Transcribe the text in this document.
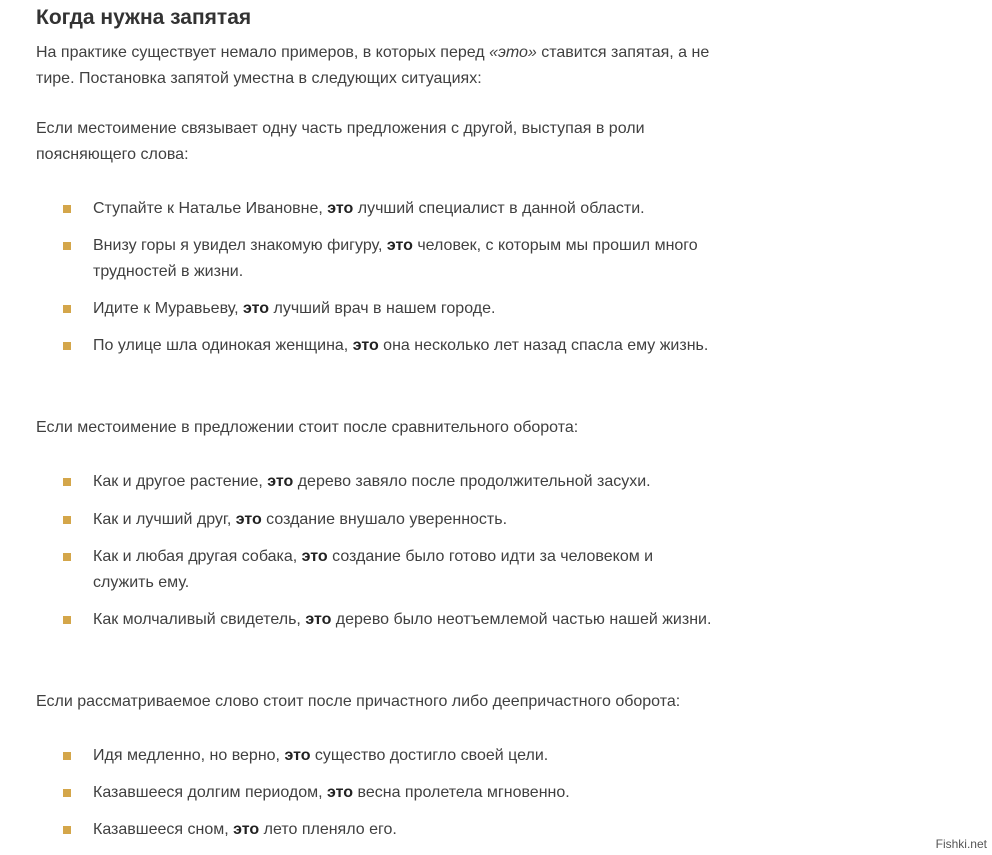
Когда нужна запятая

На практике существует немало примеров, в которых перед «это» ставится запятая, а не тире. Постановка запятой уместна в следующих ситуациях:

Если местоимение связывает одну часть предложения с другой, выступая в роли поясняющего слова:

Ступайте к Наталье Ивановне, это лучший специалист в данной области.
Внизу горы я увидел знакомую фигуру, это человек, с которым мы прошил много трудностей в жизни.
Идите к Муравьеву, это лучший врач в нашем городе.
По улице шла одинокая женщина, это она несколько лет назад спасла ему жизнь.

Если местоимение в предложении стоит после сравнительного оборота:

Как и другое растение, это дерево завяло после продолжительной засухи.
Как и лучший друг, это создание внушало уверенность.
Как и любая другая собака, это создание было готово идти за человеком и служить ему.
Как молчаливый свидетель, это дерево было неотъемлемой частью нашей жизни.

Если рассматриваемое слово стоит после причастного либо деепричастного оборота:

Идя медленно, но верно, это существо достигло своей цели.
Казавшееся долгим периодом, это весна пролетела мгновенно.
Казавшееся сном, это лето пленяло его.
Fishki.net
